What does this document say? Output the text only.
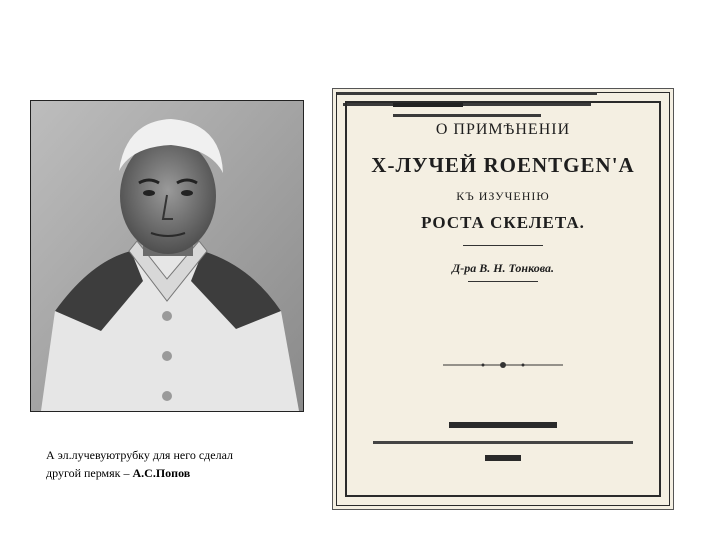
А эл.лучевуютрубку для него сделал
другой пермяк – А.С.Попов
О ПРИМѢНЕНІИ
Х-ЛУЧЕЙ ROENTGEN'А
КЪ ИЗУЧЕНІЮ
РОСТА СКЕЛЕТА.
Д-ра В. Н. Тонкова.
